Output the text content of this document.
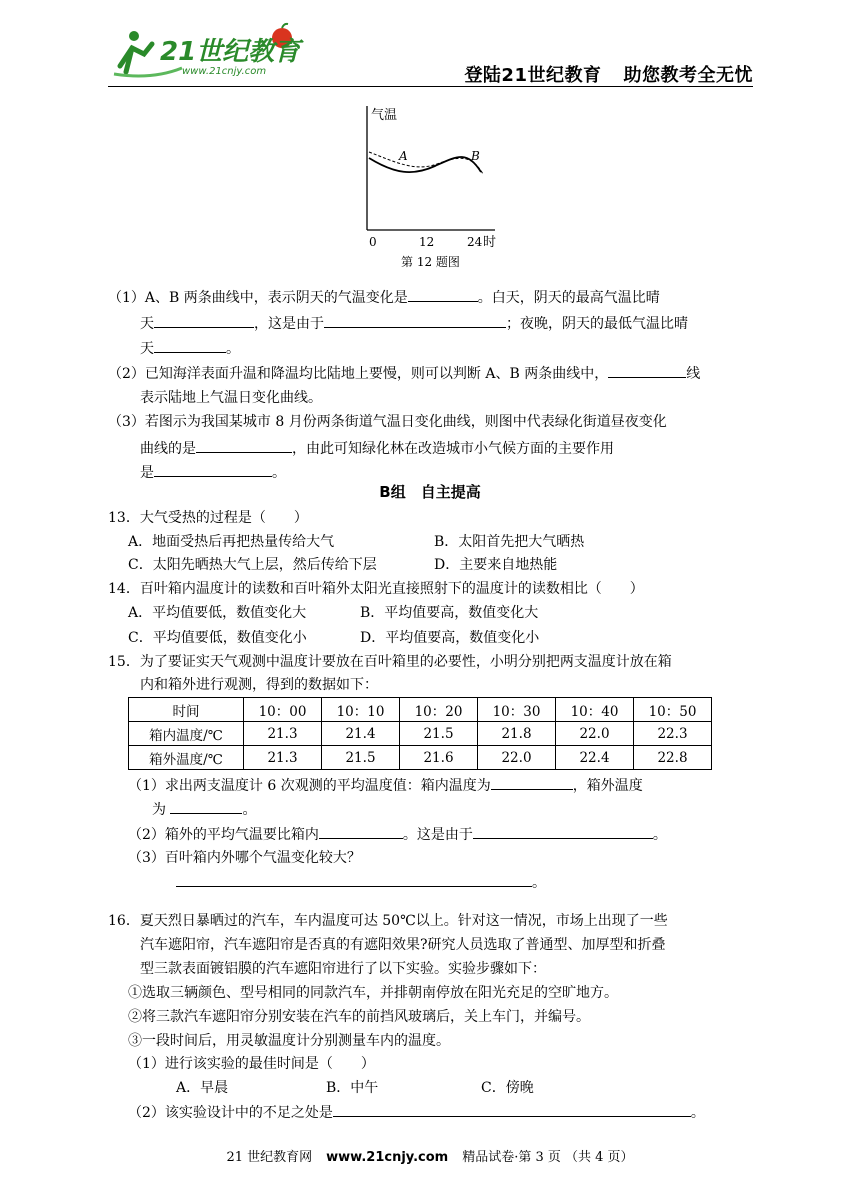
21世纪教育
www.21cnjy.com	登陆21世纪教育 助您教考全无忧
气温
A	B
0	12	24 时
第 12 题图
（1）A、B 两条曲线中，表示阴天的气温变化是	。白天，阴天的最高气温比晴
天	，这是由于	；夜晚，阴天的最低气温比晴
天	。
（2）已知海洋表面升温和降温均比陆地上要慢，则可以判断 A、B 两条曲线中，	线
表示陆地上气温日变化曲线。
（3）若图示为我国某城市 8 月份两条街道气温日变化曲线，则图中代表绿化街道昼夜变化
曲线的是	，由此可知绿化林在改造城市小气候方面的主要作用
是	。
B组　自主提高
13．大气受热的过程是（　　）
A．地面受热后再把热量传给大气	B．太阳首先把大气晒热
C．太阳先晒热大气上层，然后传给下层	D．主要来自地热能
14．百叶箱内温度计的读数和百叶箱外太阳光直接照射下的温度计的读数相比（　　）
A．平均值要低，数值变化大	B．平均值要高，数值变化大
C．平均值要低，数值变化小	D．平均值要高，数值变化小
15．为了要证实天气观测中温度计要放在百叶箱里的必要性，小明分别把两支温度计放在箱
内和箱外进行观测，得到的数据如下：
时间	10：00	10：10	10：20	10：30	10：40	10：50
箱内温度/℃	21.3	21.4	21.5	21.8	22.0	22.3
箱外温度/℃	21.3	21.5	21.6	22.0	22.4	22.8
（1）求出两支温度计 6 次观测的平均温度值：箱内温度为	，箱外温度
为	。
（2）箱外的平均气温要比箱内	。这是由于	。
（3）百叶箱内外哪个气温变化较大？
。
16．夏天烈日暴晒过的汽车，车内温度可达 50℃以上。针对这一情况，市场上出现了一些
汽车遮阳帘，汽车遮阳帘是否真的有遮阳效果?研究人员选取了普通型、加厚型和折叠
型三款表面镀铝膜的汽车遮阳帘进行了以下实验。实验步骤如下：
①选取三辆颜色、型号相同的同款汽车，并排朝南停放在阳光充足的空旷地方。
②将三款汽车遮阳帘分别安装在汽车的前挡风玻璃后，关上车门，并编号。
③一段时间后，用灵敏温度计分别测量车内的温度。
（1）进行该实验的最佳时间是（　　）
A．早晨	B．中午	C．傍晚
（2）该实验设计中的不足之处是	。
21 世纪教育网 www.21cnjy.com 精品试卷·第 3 页 （共 4 页）
